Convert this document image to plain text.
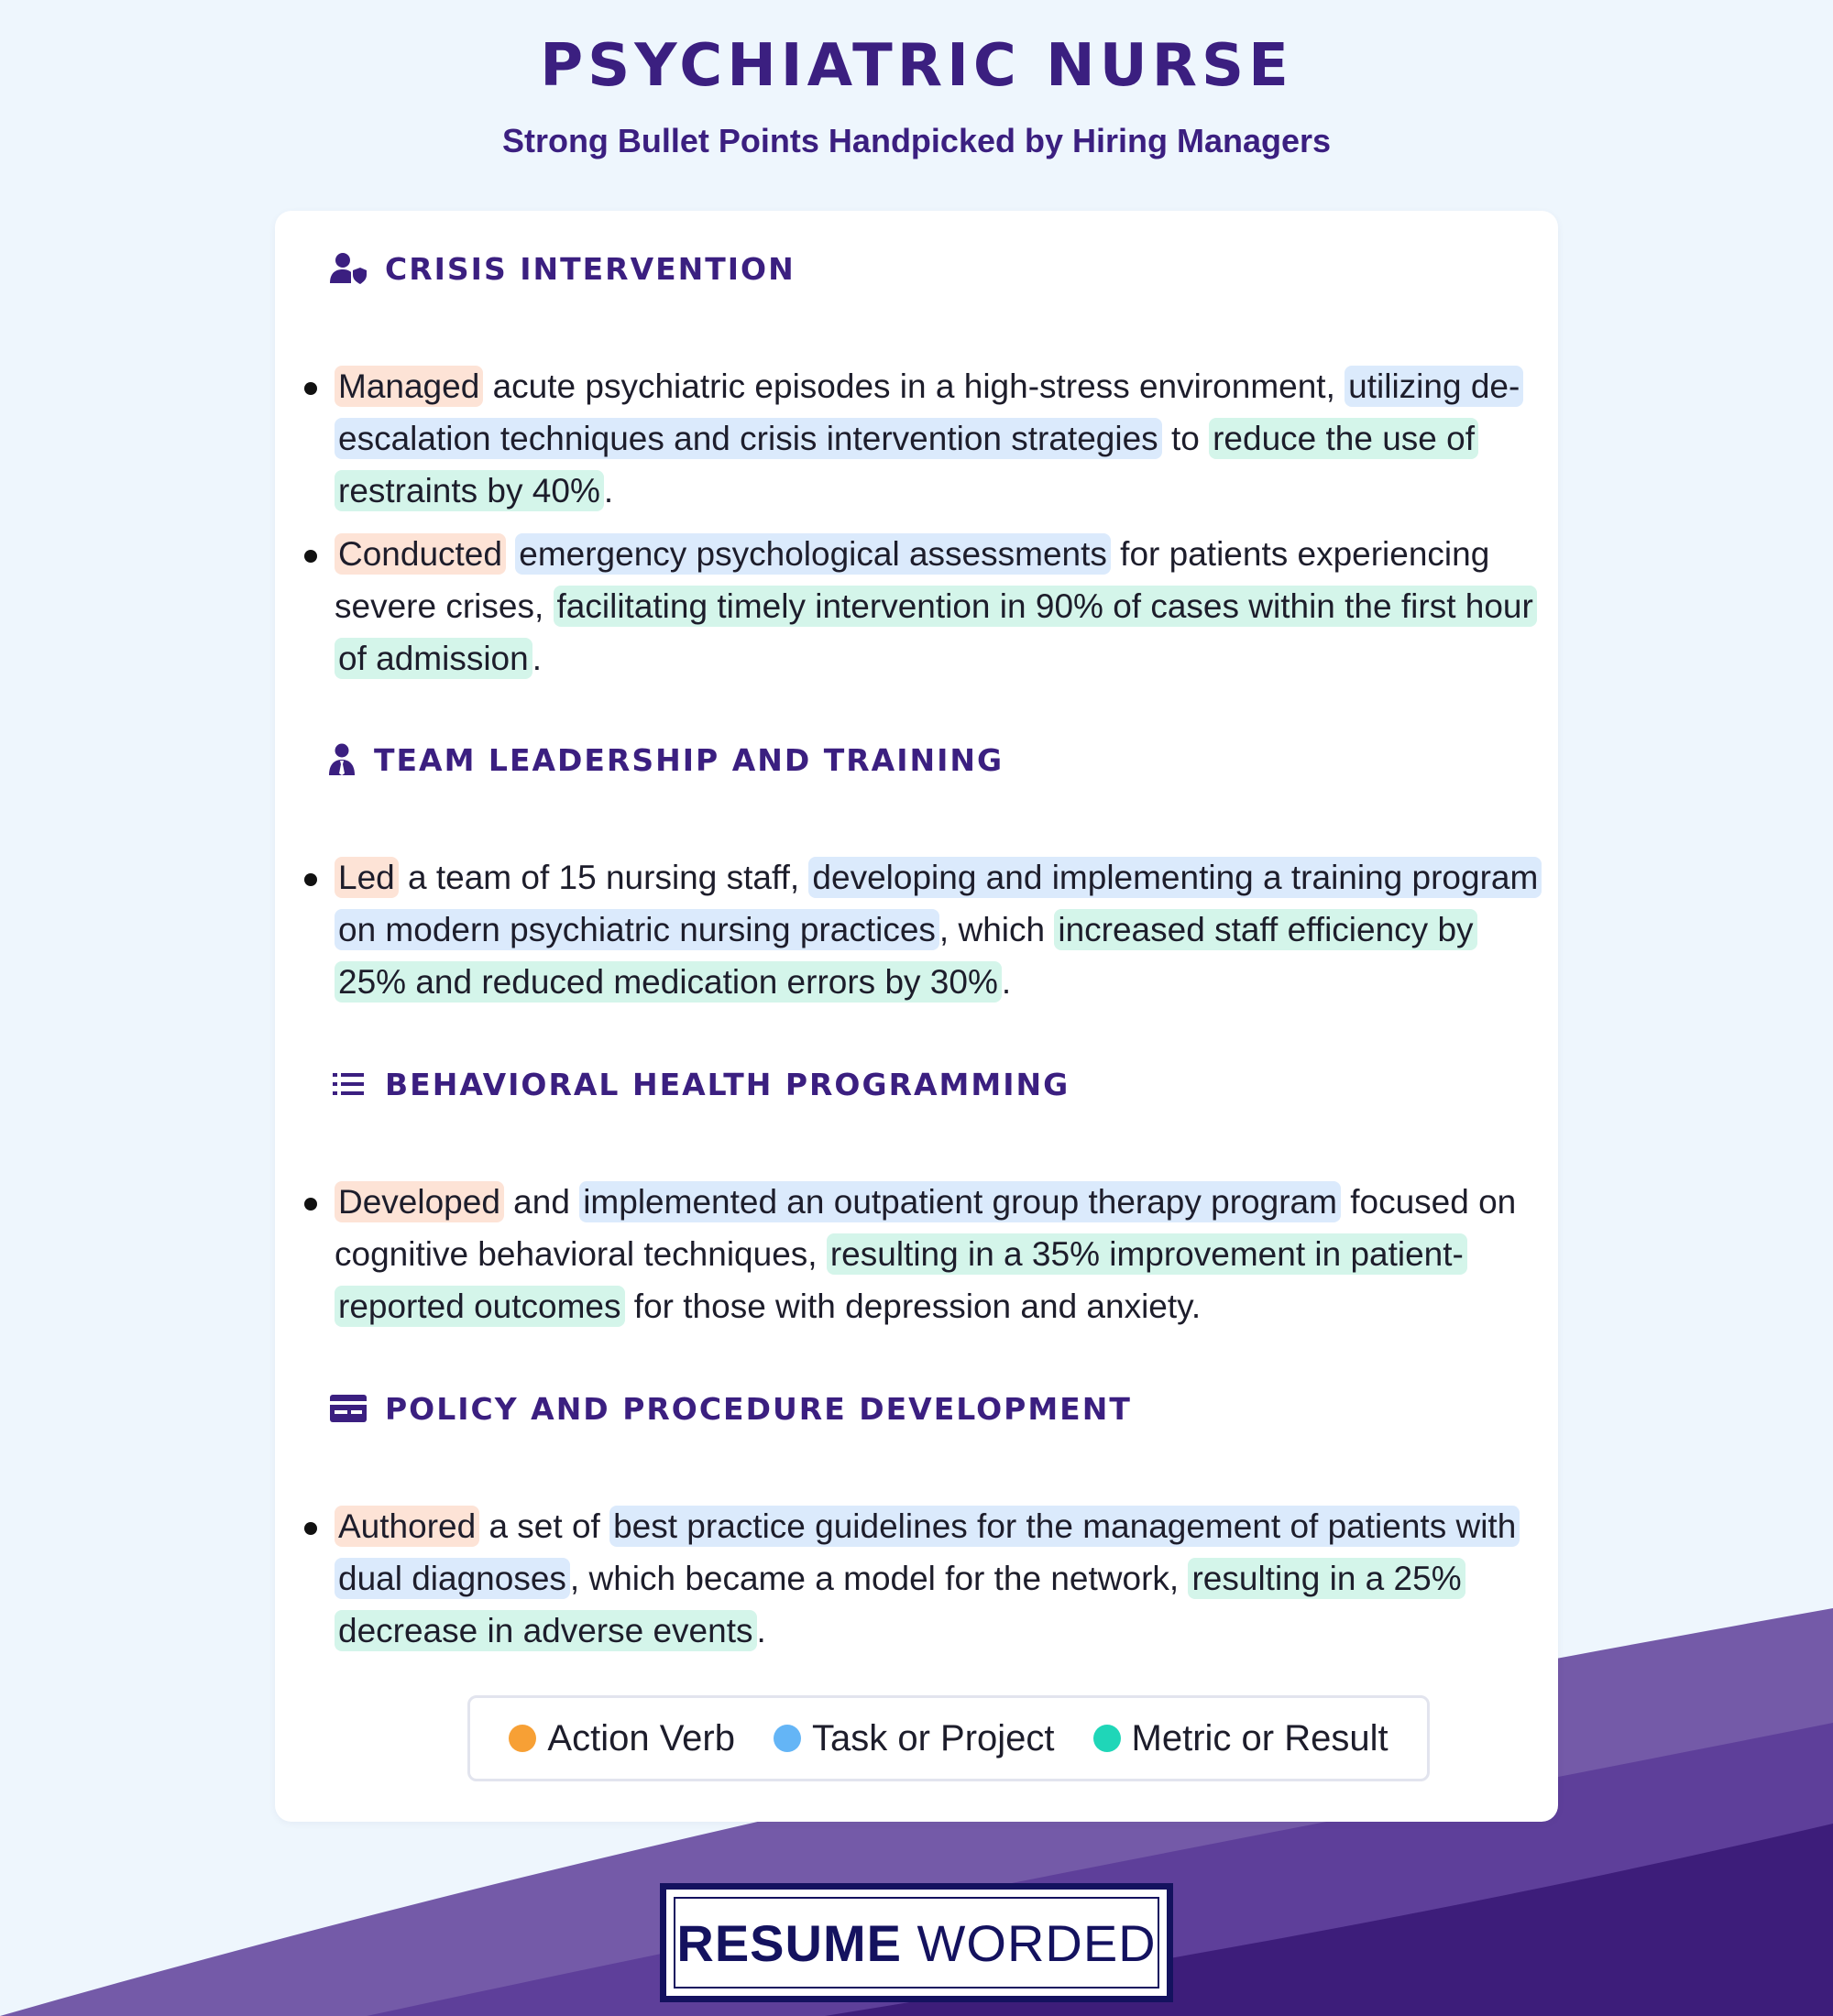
PSYCHIATRIC NURSE
Strong Bullet Points Handpicked by Hiring Managers
CRISIS INTERVENTION
Managed acute psychiatric episodes in a high-stress environment, utilizing de-escalation techniques and crisis intervention strategies to reduce the use of restraints by 40% .
Conducted emergency psychological assessments for patients experiencing severe crises, facilitating timely intervention in 90% of cases within the first hour of admission .
TEAM LEADERSHIP AND TRAINING
Led a team of 15 nursing staff, developing and implementing a training program on modern psychiatric nursing practices , which increased staff efficiency by 25% and reduced medication errors by 30% .
BEHAVIORAL HEALTH PROGRAMMING
Developed and implemented an outpatient group therapy program focused on cognitive behavioral techniques, resulting in a 35% improvement in patient-reported outcomes for those with depression and anxiety.
POLICY AND PROCEDURE DEVELOPMENT
Authored a set of best practice guidelines for the management of patients with dual diagnoses , which became a model for the network, resulting in a 25% decrease in adverse events .
Action Verb Task or Project Metric or Result
RESUME WORDED
